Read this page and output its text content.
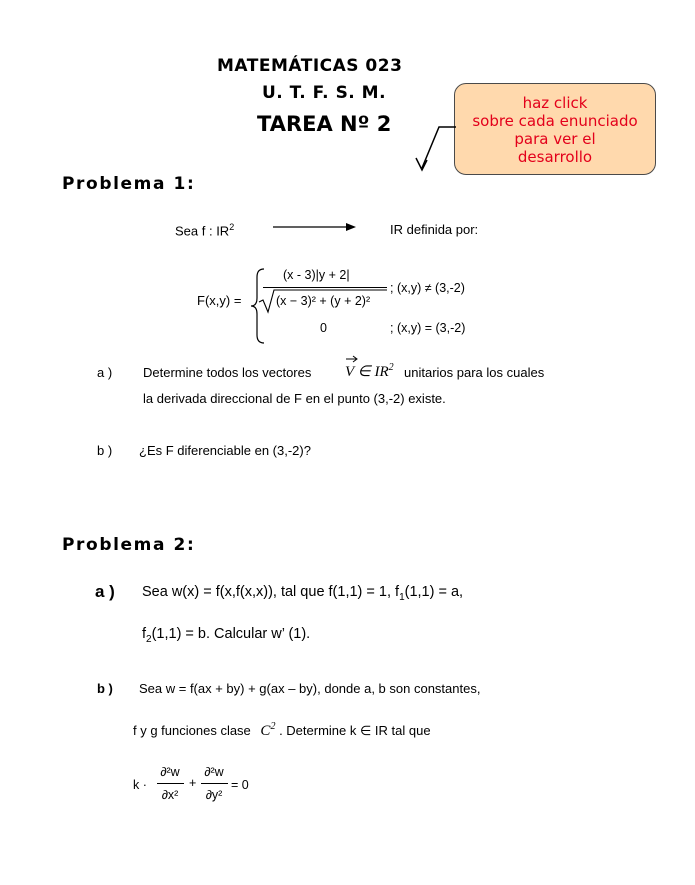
MATEMÁTICAS 023
U. T. F. S. M.
TAREA Nº 2
haz click
sobre cada enunciado
para ver el
desarrollo
Problema 1:
Sea f : $IR^2$	IR definida por:
F(x,y) =
(x - 3)|y + 2|
(x − 3)² + (y + 2)²
0
; (x,y) ≠ (3,-2)
; (x,y) = (3,-2)
a ) Determine todos los vectores V ∈ $IR^2$ unitarios para los cuales
la derivada direccional de F en el punto (3,-2) existe.
b ) ¿Es F diferenciable en (3,-2)?
Problema 2:
a ) Sea w(x) = f(x,f(x,x)), tal que f(1,1) = 1, $f_1(1,1) = a$,
$f_2(1,1) = b$. Calcular w’ (1).
b ) Sea w = f(ax + by) + g(ax – by), donde a, b son constantes,
f y g funciones clase $C^2$ . Determine k ∈ IR tal que
k ·
∂²w
∂x²
+
∂²w
∂y²
= 0
